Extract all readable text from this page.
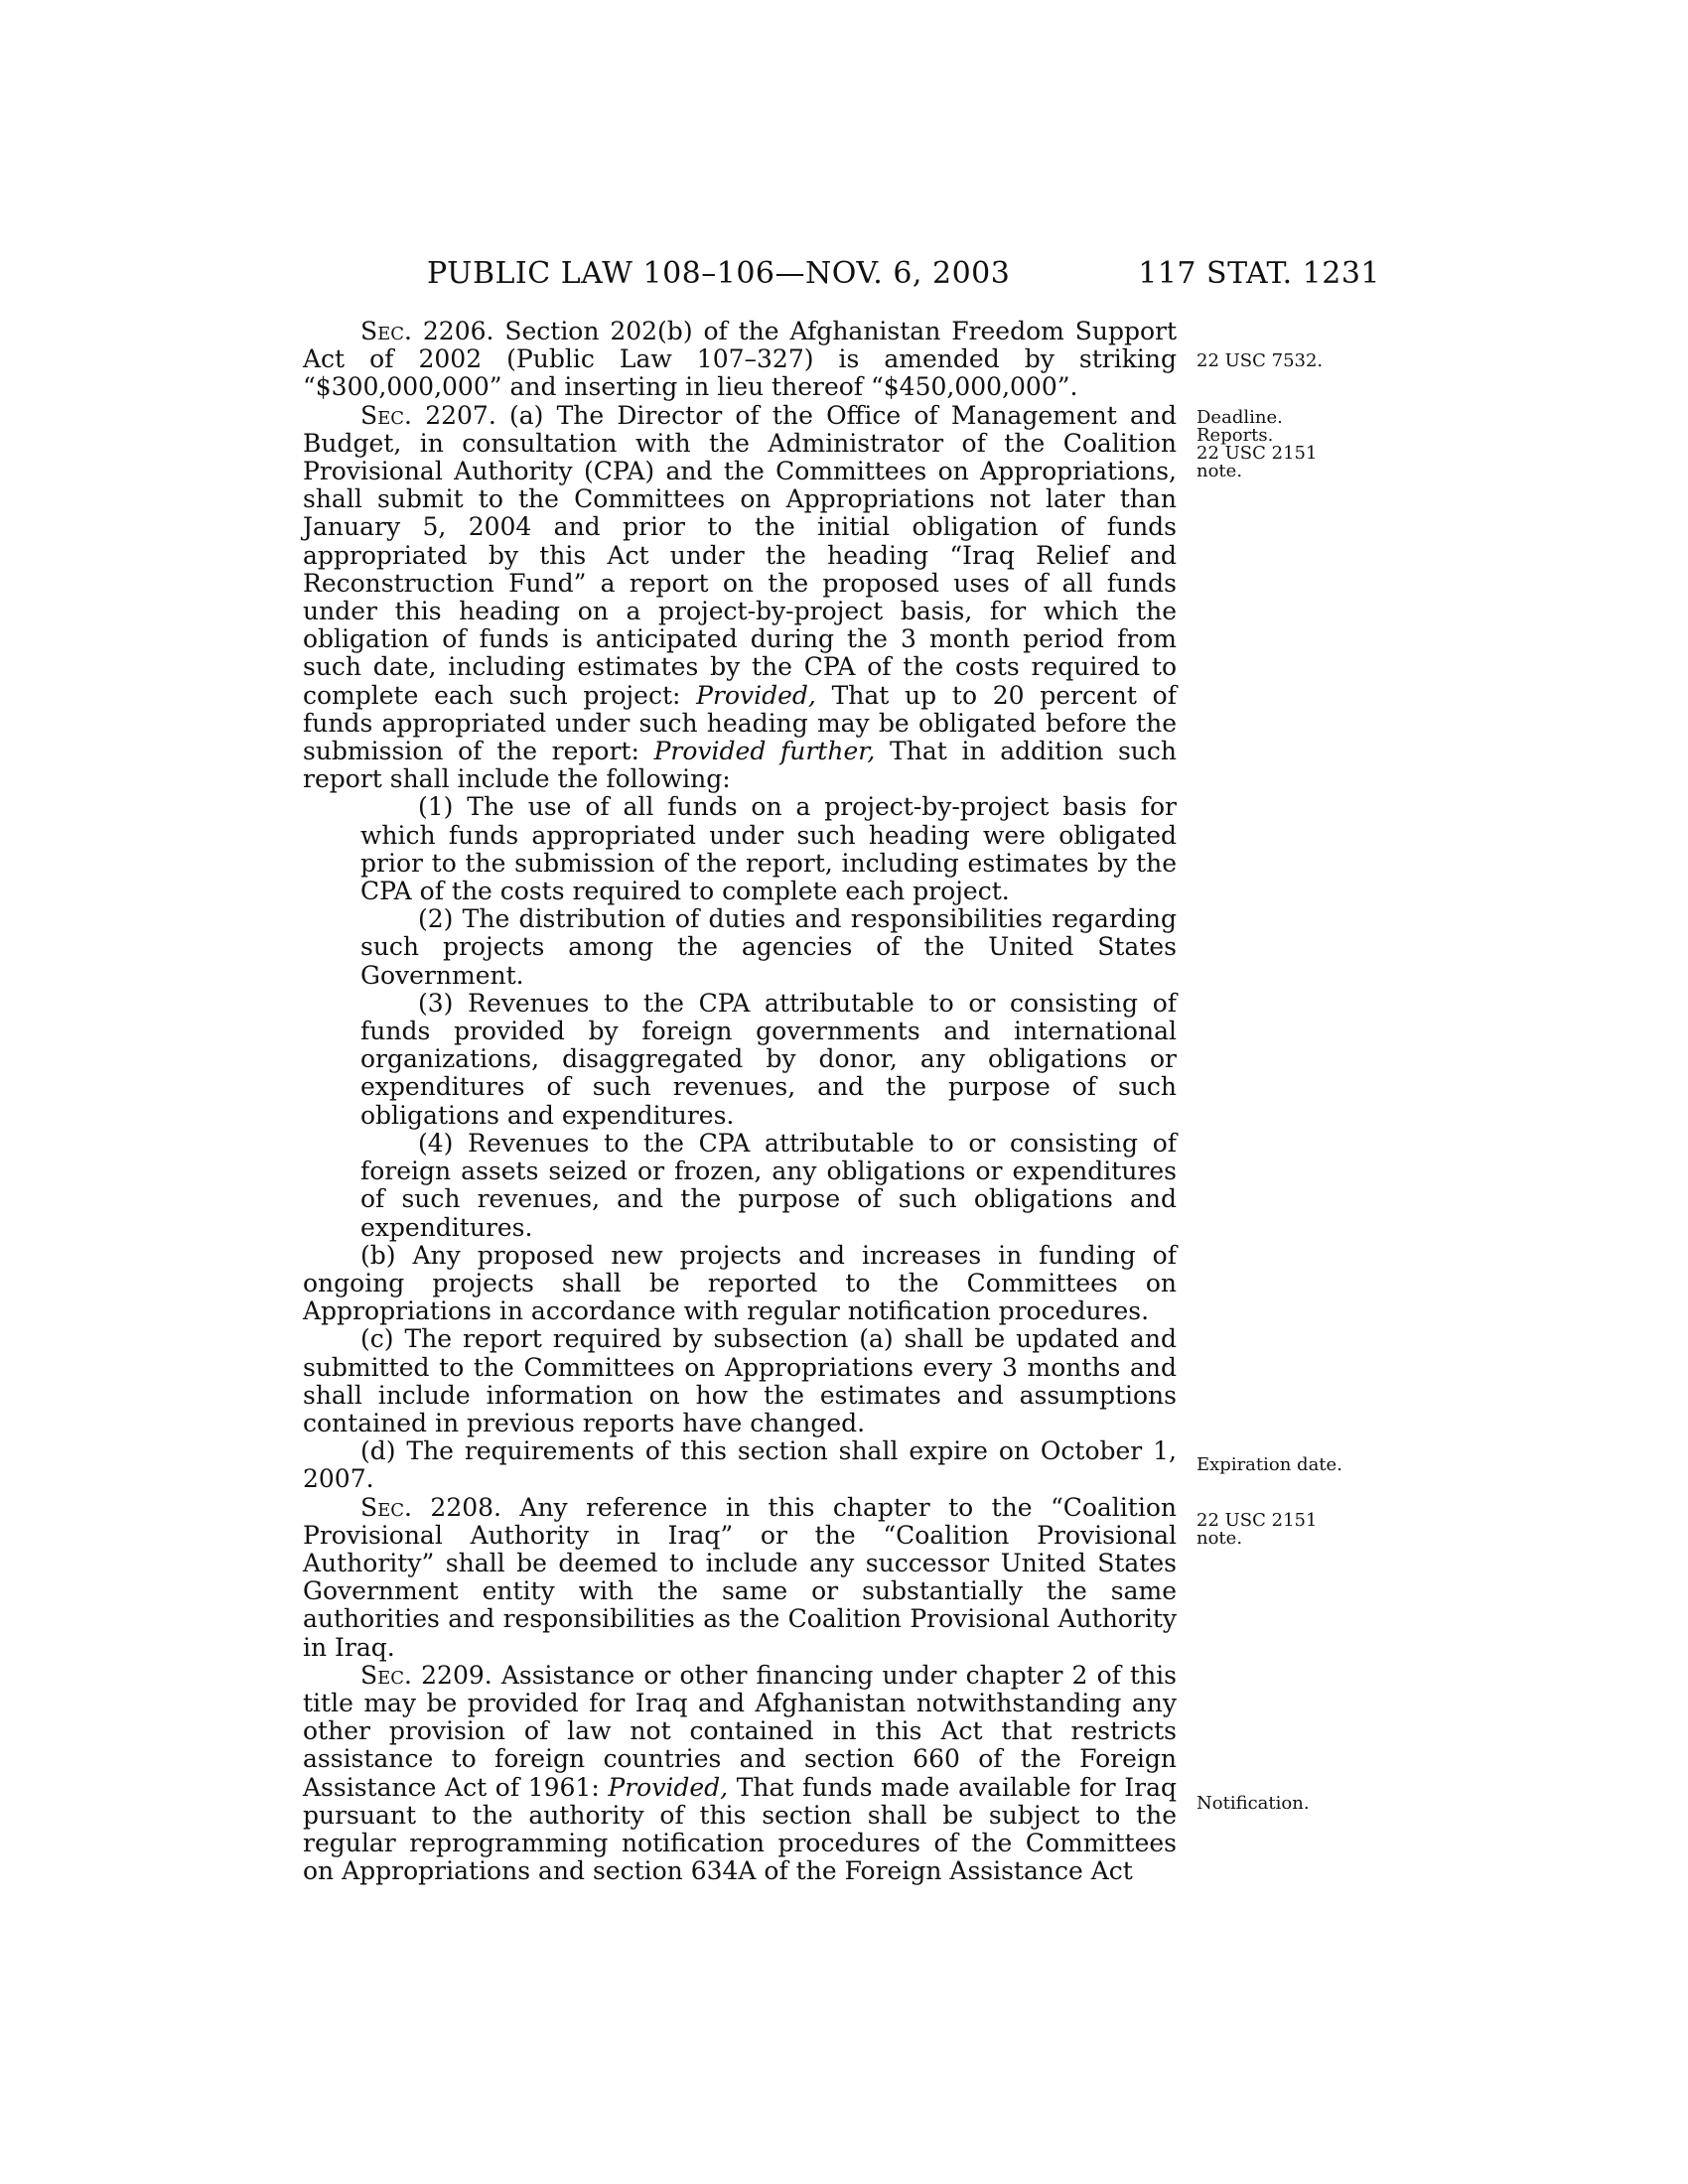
PUBLIC LAW 108–106—NOV. 6, 2003	117 STAT. 1231

Sec. 2206. Section 202(b) of the Afghanistan Freedom Support Act of 2002 (Public Law 107–327) is amended by striking “$300,000,000” and inserting in lieu thereof “$450,000,000”.

Sec. 2207. (a) The Director of the Office of Management and Budget, in consultation with the Administrator of the Coalition Provisional Authority (CPA) and the Committees on Appropriations, shall submit to the Committees on Appropriations not later than January 5, 2004 and prior to the initial obligation of funds appropriated by this Act under the heading “Iraq Relief and Reconstruction Fund” a report on the proposed uses of all funds under this heading on a project-by-project basis, for which the obligation of funds is anticipated during the 3 month period from such date, including estimates by the CPA of the costs required to complete each such project: Provided, That up to 20 percent of funds appropriated under such heading may be obligated before the submission of the report: Provided further, That in addition such report shall include the following:

(1) The use of all funds on a project-by-project basis for which funds appropriated under such heading were obligated prior to the submission of the report, including estimates by the CPA of the costs required to complete each project.

(2) The distribution of duties and responsibilities regarding such projects among the agencies of the United States Government.

(3) Revenues to the CPA attributable to or consisting of funds provided by foreign governments and international organizations, disaggregated by donor, any obligations or expenditures of such revenues, and the purpose of such obligations and expenditures.

(4) Revenues to the CPA attributable to or consisting of foreign assets seized or frozen, any obligations or expenditures of such revenues, and the purpose of such obligations and expenditures.

(b) Any proposed new projects and increases in funding of ongoing projects shall be reported to the Committees on Appropriations in accordance with regular notification procedures.

(c) The report required by subsection (a) shall be updated and submitted to the Committees on Appropriations every 3 months and shall include information on how the estimates and assumptions contained in previous reports have changed.

(d) The requirements of this section shall expire on October 1, 2007.

Sec. 2208. Any reference in this chapter to the “Coalition Provisional Authority in Iraq” or the “Coalition Provisional Authority” shall be deemed to include any successor United States Government entity with the same or substantially the same authorities and responsibilities as the Coalition Provisional Authority in Iraq.

Sec. 2209. Assistance or other financing under chapter 2 of this title may be provided for Iraq and Afghanistan notwithstanding any other provision of law not contained in this Act that restricts assistance to foreign countries and section 660 of the Foreign Assistance Act of 1961: Provided, That funds made available for Iraq pursuant to the authority of this section shall be subject to the regular reprogramming notification procedures of the Committees on Appropriations and section 634A of the Foreign Assistance Act

22 USC 7532.
Deadline.
Reports.
22 USC 2151
note.
Expiration date.
22 USC 2151
note.
Notification.
